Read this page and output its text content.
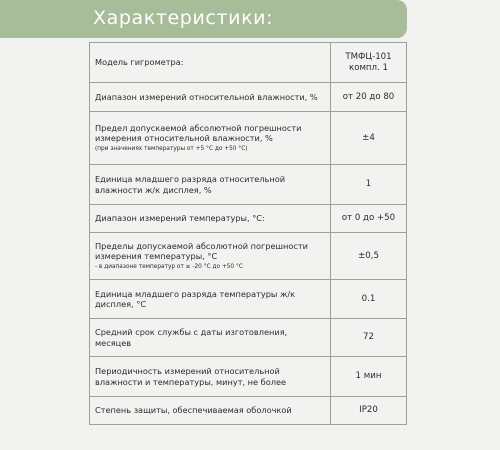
Характеристики:
Модель гигрометра:	ТМФЦ-101 компл. 1
Диапазон измерений относительной влажности, %	от 20 до 80
Предел допускаемой абсолютной погрешности измерения относительной влажности, %
(при значениях температуры от +5 °С до +50 °С)	±4
Единица младшего разряда относительной влажности ж/к дисплея, %	1
Диапазон измерений температуры, °С:	от 0 до +50
Пределы допускаемой абсолютной погрешности измерения температуры, °С
- в диапазоне температур от ≥ -20 °С до +50 °С	±0,5
Единица младшего разряда температуры ж/к дисплея, °С	0.1
Средний срок службы с даты изготовления, месяцев	72
Периодичность измерений относительной влажности и температуры, минут, не более	1 мин
Степень защиты, обеспечиваемая оболочкой	IP20
